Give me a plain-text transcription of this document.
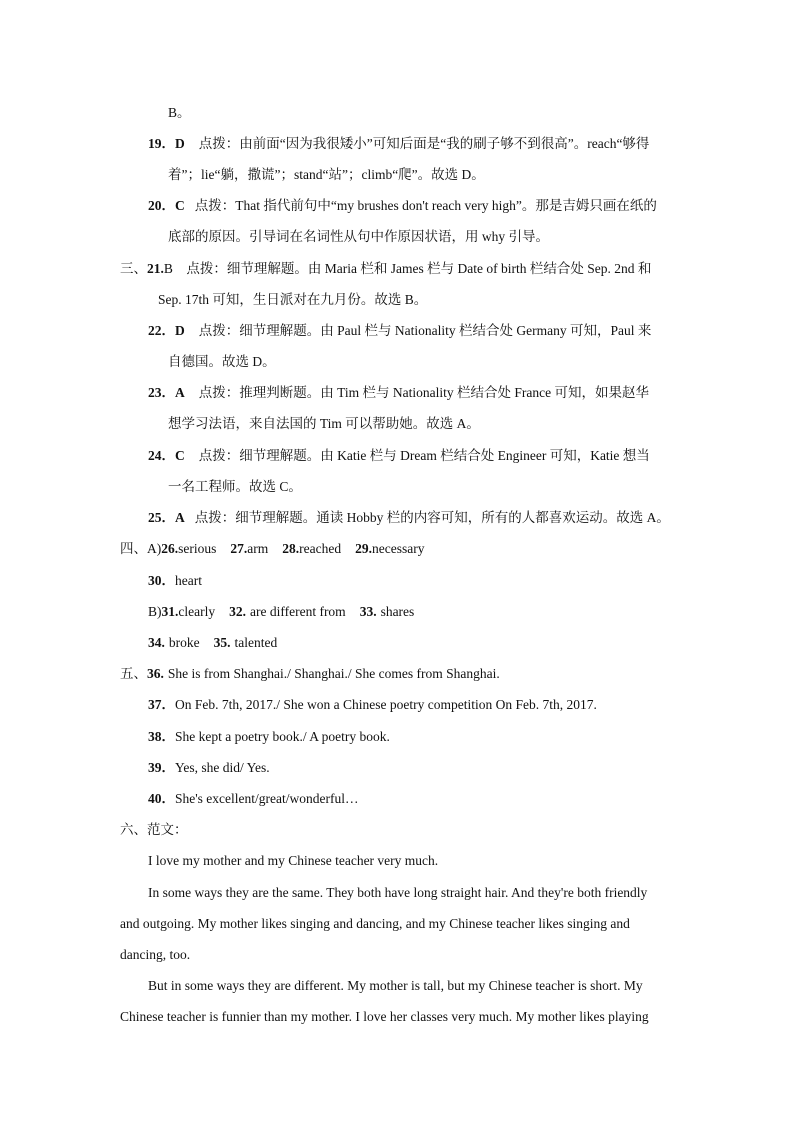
B。
19．D 点拨：由前面“因为我很矮小”可知后面是“我的刷子够不到很高”。reach“够得
着”；lie“躺，撒谎”；stand“站”；climb“爬”。故选 D。
20．C 点拨：That 指代前句中“my brushes don't reach very high”。那是吉姆只画在纸的
底部的原因。引导词在名词性从句中作原因状语，用 why 引导。
三、21.B　点拨：细节理解题。由 Maria 栏和 James 栏与 Date of birth 栏结合处 Sep. 2nd 和
Sep. 17th 可知，生日派对在九月份。故选 B。
22．D 点拨：细节理解题。由 Paul 栏与 Nationality 栏结合处 Germany 可知，Paul 来
自德国。故选 D。
23．A 点拨：推理判断题。由 Tim 栏与 Nationality 栏结合处 France 可知，如果赵华
想学习法语，来自法国的 Tim 可以帮助她。故选 A。
24．C 点拨：细节理解题。由 Katie 栏与 Dream 栏结合处 Engineer 可知，Katie 想当
一名工程师。故选 C。
25．A 点拨：细节理解题。通读 Hobby 栏的内容可知，所有的人都喜欢运动。故选 A。
四、A)26.serious 27.arm 28.reached 29.necessary
30．heart
B)31.clearly 32. are different from 33. shares
34. broke 35. talented
五、36. She is from Shanghai./ Shanghai./ She comes from Shanghai.
37．On Feb. 7th, 2017./ She won a Chinese poetry competition On Feb. 7th, 2017.
38．She kept a poetry book./ A poetry book.
39．Yes, she did/ Yes.
40．She's excellent/great/wonderful…
六、范文：
I love my mother and my Chinese teacher very much.
In some ways they are the same. They both have long straight hair. And they're both friendly
and outgoing. My mother likes singing and dancing, and my Chinese teacher likes singing and
dancing, too.
But in some ways they are different. My mother is tall, but my Chinese teacher is short. My
Chinese teacher is funnier than my mother. I love her classes very much. My mother likes playing
